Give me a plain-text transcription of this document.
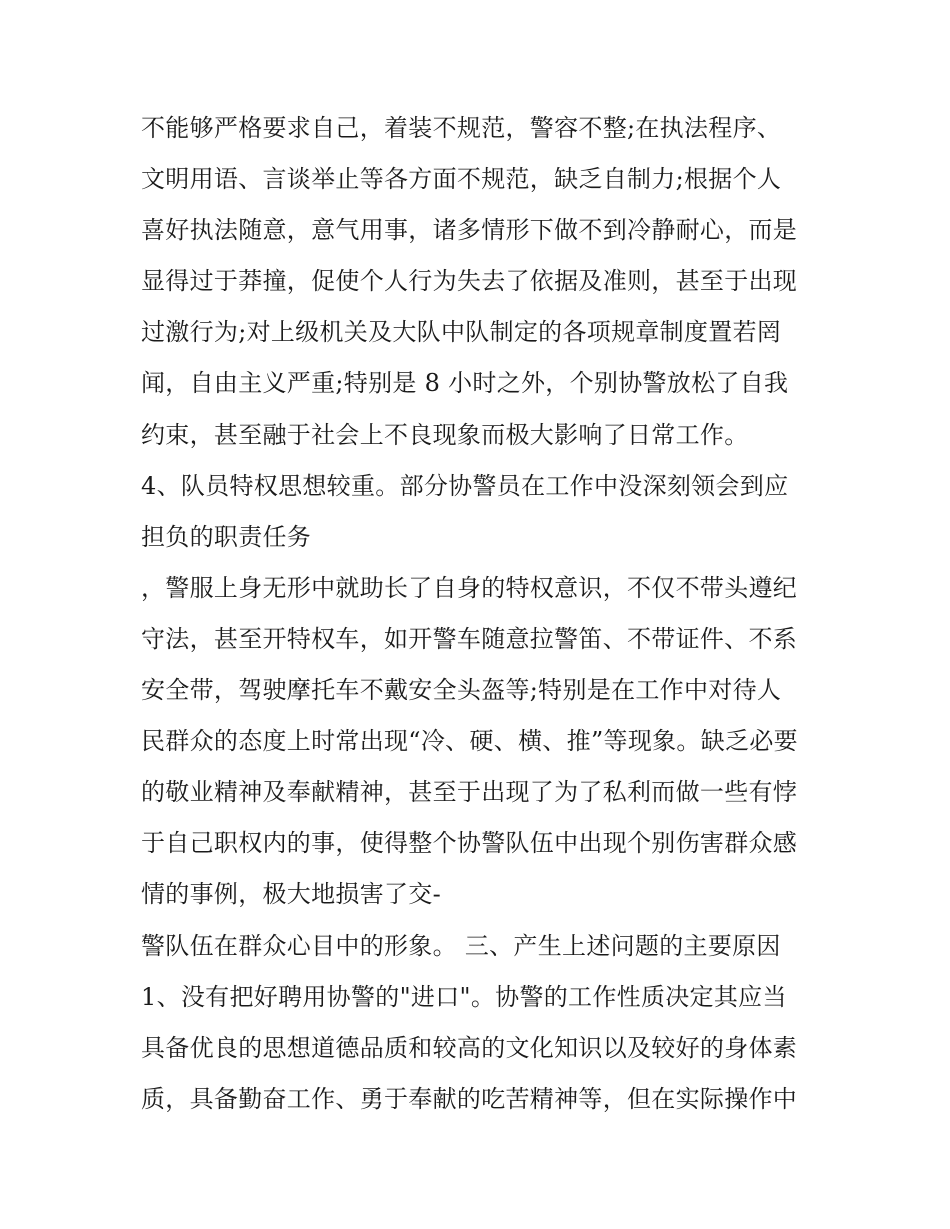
不能够严格要求自己，着装不规范，警容不整;在执法程序、
文明用语、言谈举止等各方面不规范，缺乏自制力;根据个人
喜好执法随意，意气用事，诸多情形下做不到冷静耐心，而是
显得过于莽撞，促使个人行为失去了依据及准则，甚至于出现
过激行为;对上级机关及大队中队制定的各项规章制度置若罔
闻，自由主义严重;特别是 8 小时之外，个别协警放松了自我
约束，甚至融于社会上不良现象而极大影响了日常工作。
4、队员特权思想较重。部分协警员在工作中没深刻领会到应
担负的职责任务
，警服上身无形中就助长了自身的特权意识，不仅不带头遵纪
守法，甚至开特权车，如开警车随意拉警笛、不带证件、不系
安全带，驾驶摩托车不戴安全头盔等;特别是在工作中对待人
民群众的态度上时常出现“冷、硬、横、推”等现象。缺乏必要
的敬业精神及奉献精神，甚至于出现了为了私利而做一些有悖
于自己职权内的事，使得整个协警队伍中出现个别伤害群众感
情的事例，极大地损害了交-
警队伍在群众心目中的形象。 三、产生上述问题的主要原因
1、没有把好聘用协警的"进口"。协警的工作性质决定其应当
具备优良的思想道德品质和较高的文化知识以及较好的身体素
质，具备勤奋工作、勇于奉献的吃苦精神等，但在实际操作中
